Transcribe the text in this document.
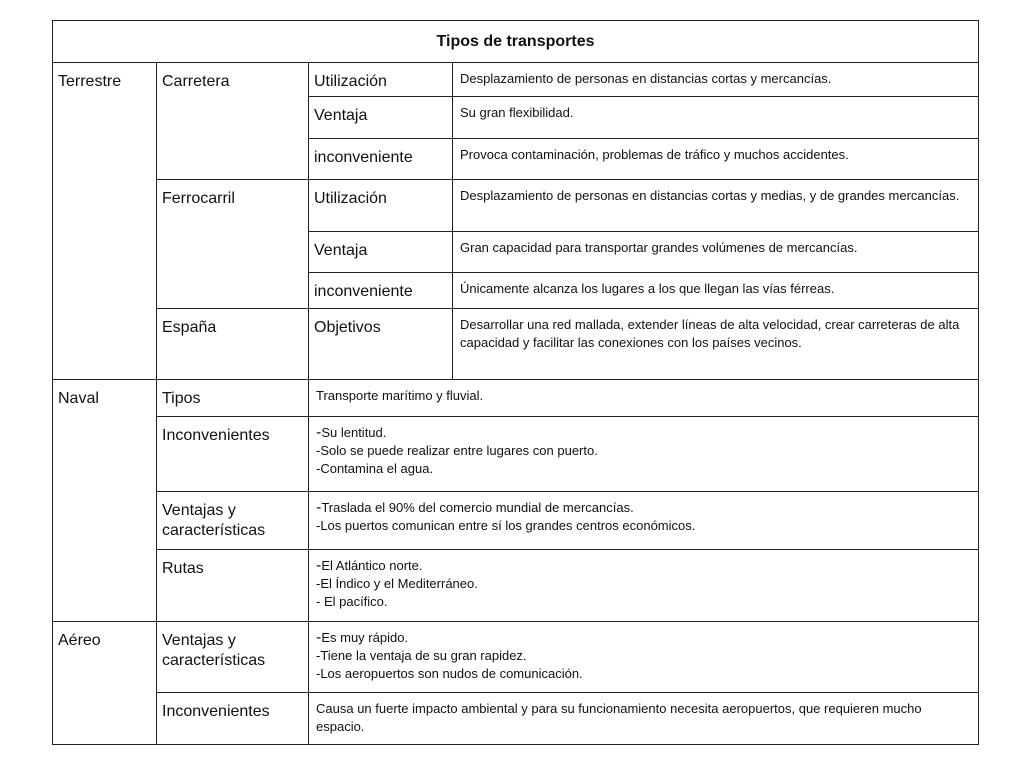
Tipos de transportes			
Terrestre	Carretera	Utilización	Desplazamiento de personas en distancias cortas y mercancías.
		Ventaja	Su gran flexibilidad.
		inconveniente	Provoca contaminación, problemas de tráfico y muchos accidentes.
	Ferrocarril	Utilización	Desplazamiento de personas en distancias cortas y medias, y de grandes mercancías.
		Ventaja	Gran capacidad para transportar grandes volúmenes de mercancías.
		inconveniente	Únicamente alcanza los lugares a los que llegan las vías férreas.
	España	Objetivos	Desarrollar una red mallada, extender líneas de alta velocidad, crear carreteras de alta capacidad y facilitar las conexiones con los países vecinos.
Naval	Tipos	Transporte marítimo y fluvial.	
	Inconvenientes	-Su lentitud.
-Solo se puede realizar entre lugares con puerto.
-Contamina el agua.	

	Ventajas y características	-Traslada el 90% del comercio mundial de mercancías.
-Los puertos comunican entre sí los grandes centros económicos.	

	Rutas	-El Atlántico norte.
-El Índico y el Mediterráneo.
- El pacífico.	

Aéreo	Ventajas y características	-Es muy rápido.
-Tiene la ventaja de su gran rapidez.
-Los aeropuertos son nudos de comunicación.	

	Inconvenientes	Causa un fuerte impacto ambiental y para su funcionamiento necesita aeropuertos, que requieren mucho espacio.	
